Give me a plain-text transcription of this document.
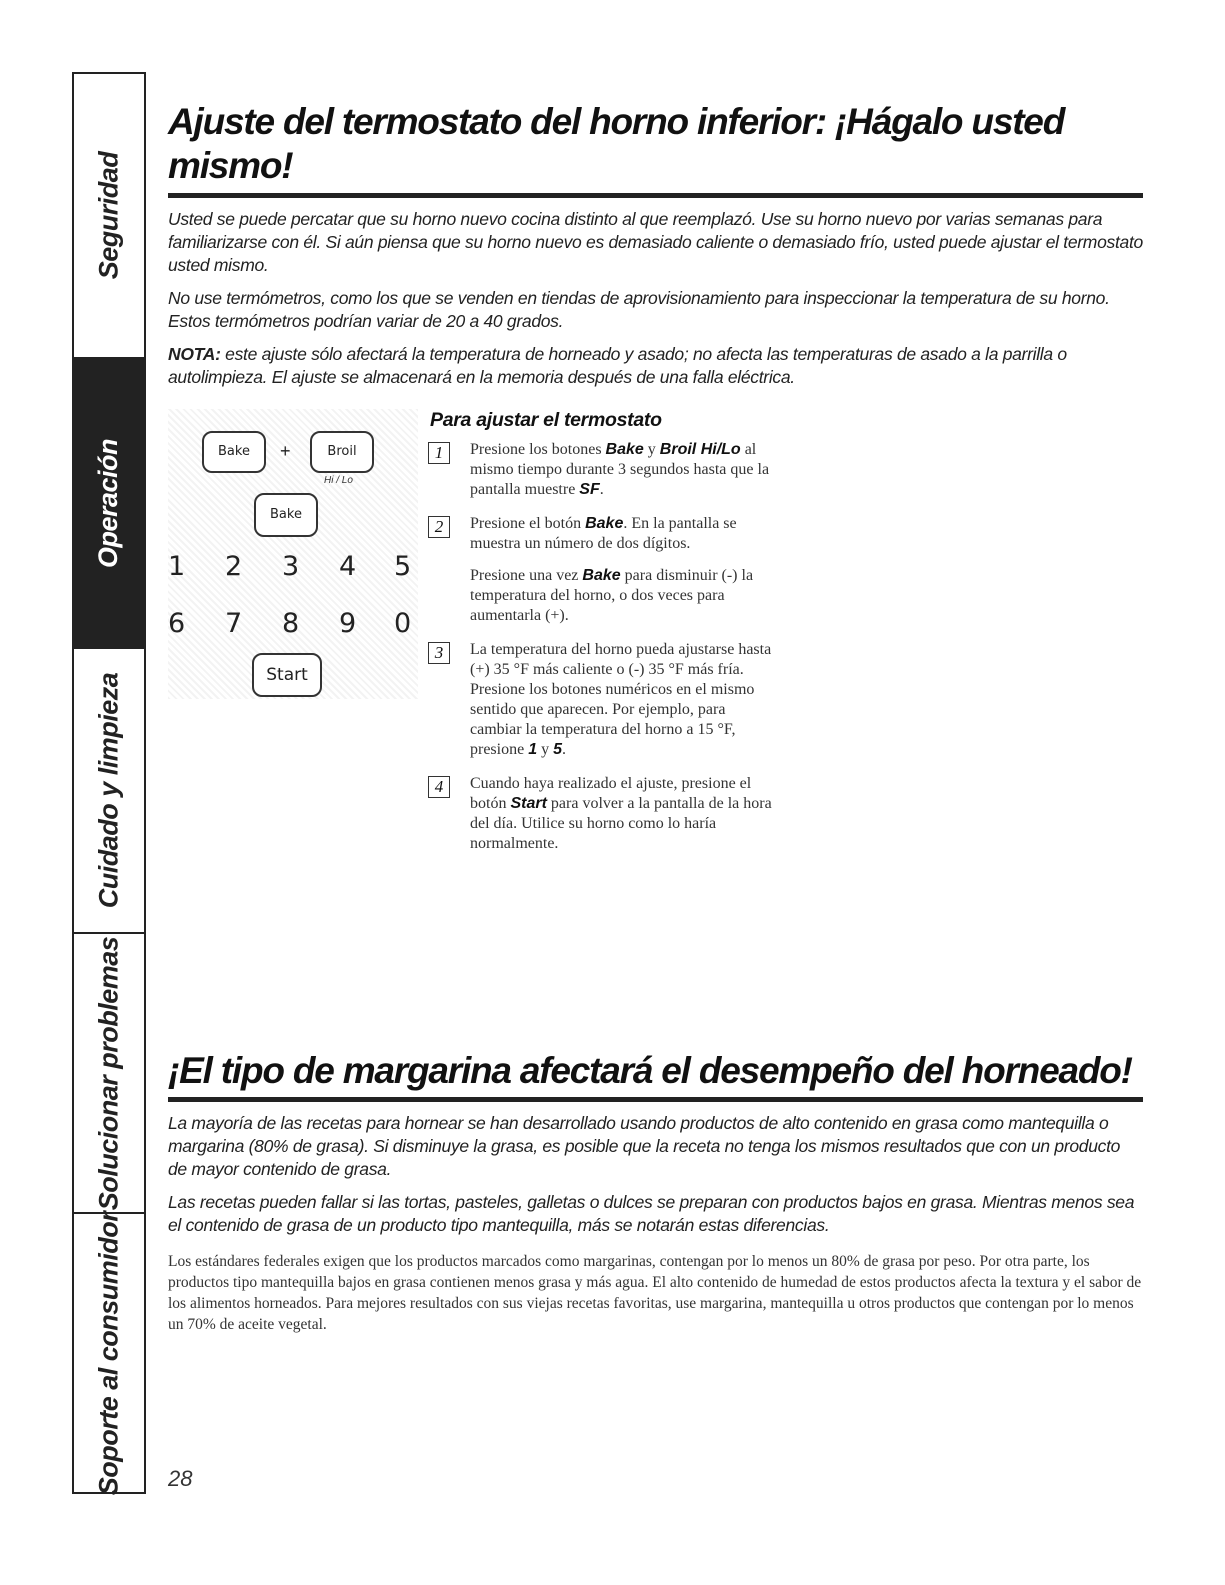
Seguridad
Operación
Cuidado y limpieza
Solucionar problemas
Soporte al consumidor
Ajuste del termostato del horno inferior: ¡Hágalo usted mismo!

Usted se puede percatar que su horno nuevo cocina distinto al que reemplazó. Use su horno nuevo por varias semanas para familiarizarse con él. Si aún piensa que su horno nuevo es demasiado caliente o demasiado frío, usted puede ajustar el termostato usted mismo.

No use termómetros, como los que se venden en tiendas de aprovisionamiento para inspeccionar la temperatura de su horno. Estos termómetros podrían variar de 20 a 40 grados.

NOTA: este ajuste sólo afectará la temperatura de horneado y asado; no afecta las temperaturas de asado a la parrilla o autolimpieza. El ajuste se almacenará en la memoria después de una falla eléctrica.

Bake	+	Broil
Hi / Lo
Bake
1 2 3 4 5
6 7 8 9 0
Start
Para ajustar el termostato
1	Presione los botones Bake y Broil Hi/Lo al mismo tiempo durante 3 segundos hasta que la pantalla muestre SF.

2	Presione el botón Bake. En la pantalla se muestra un número de dos dígitos.

Presione una vez Bake para disminuir (-) la temperatura del horno, o dos veces para aumentarla (+).

3	La temperatura del horno pueda ajustarse hasta (+) 35 °F más caliente o (-) 35 °F más fría. Presione los botones numéricos en el mismo sentido que aparecen. Por ejemplo, para cambiar la temperatura del horno a 15 °F, presione 1 y 5.

4	Cuando haya realizado el ajuste, presione el botón Start para volver a la pantalla de la hora del día. Utilice su horno como lo haría normalmente.

¡El tipo de margarina afectará el desempeño del horneado!

La mayoría de las recetas para hornear se han desarrollado usando productos de alto contenido en grasa como mantequilla o margarina (80% de grasa). Si disminuye la grasa, es posible que la receta no tenga los mismos resultados que con un producto de mayor contenido de grasa.

Las recetas pueden fallar si las tortas, pasteles, galletas o dulces se preparan con productos bajos en grasa. Mientras menos sea el contenido de grasa de un producto tipo mantequilla, más se notarán estas diferencias.

Los estándares federales exigen que los productos marcados como margarinas, contengan por lo menos un 80% de grasa por peso. Por otra parte, los productos tipo mantequilla bajos en grasa contienen menos grasa y más agua. El alto contenido de humedad de estos productos afecta la textura y el sabor de los alimentos horneados. Para mejores resultados con sus viejas recetas favoritas, use margarina, mantequilla u otros productos que contengan por lo menos un 70% de aceite vegetal.

28
